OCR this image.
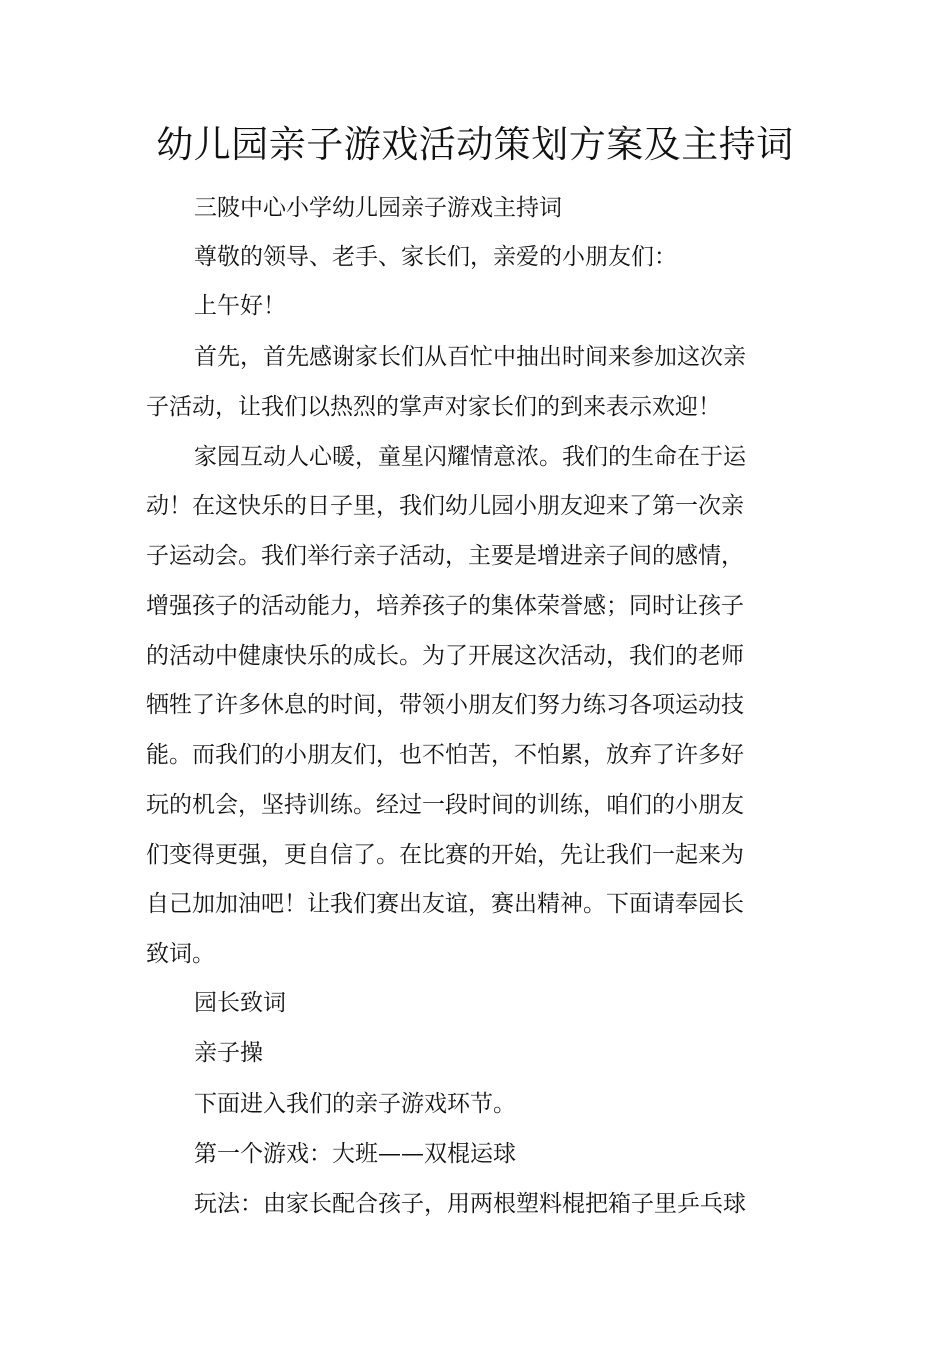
幼儿园亲子游戏活动策划方案及主持词

三陂中心小学幼儿园亲子游戏主持词

尊敬的领导、老手、家长们，亲爱的小朋友们：

上午好！

首先，首先感谢家长们从百忙中抽出时间来参加这次亲

子活动，让我们以热烈的掌声对家长们的到来表示欢迎！

家园互动人心暖，童星闪耀情意浓。我们的生命在于运

动！在这快乐的日子里，我们幼儿园小朋友迎来了第一次亲

子运动会。我们举行亲子活动，主要是增进亲子间的感情，

增强孩子的活动能力，培养孩子的集体荣誉感；同时让孩子

的活动中健康快乐的成长。为了开展这次活动，我们的老师

牺牲了许多休息的时间，带领小朋友们努力练习各项运动技

能。而我们的小朋友们，也不怕苦，不怕累，放弃了许多好

玩的机会，坚持训练。经过一段时间的训练，咱们的小朋友

们变得更强，更自信了。在比赛的开始，先让我们一起来为

自己加加油吧！让我们赛出友谊，赛出精神。下面请奉园长

致词。

园长致词

亲子操

下面进入我们的亲子游戏环节。

第一个游戏：大班——双棍运球

玩法：由家长配合孩子，用两根塑料棍把箱子里乒乓球
